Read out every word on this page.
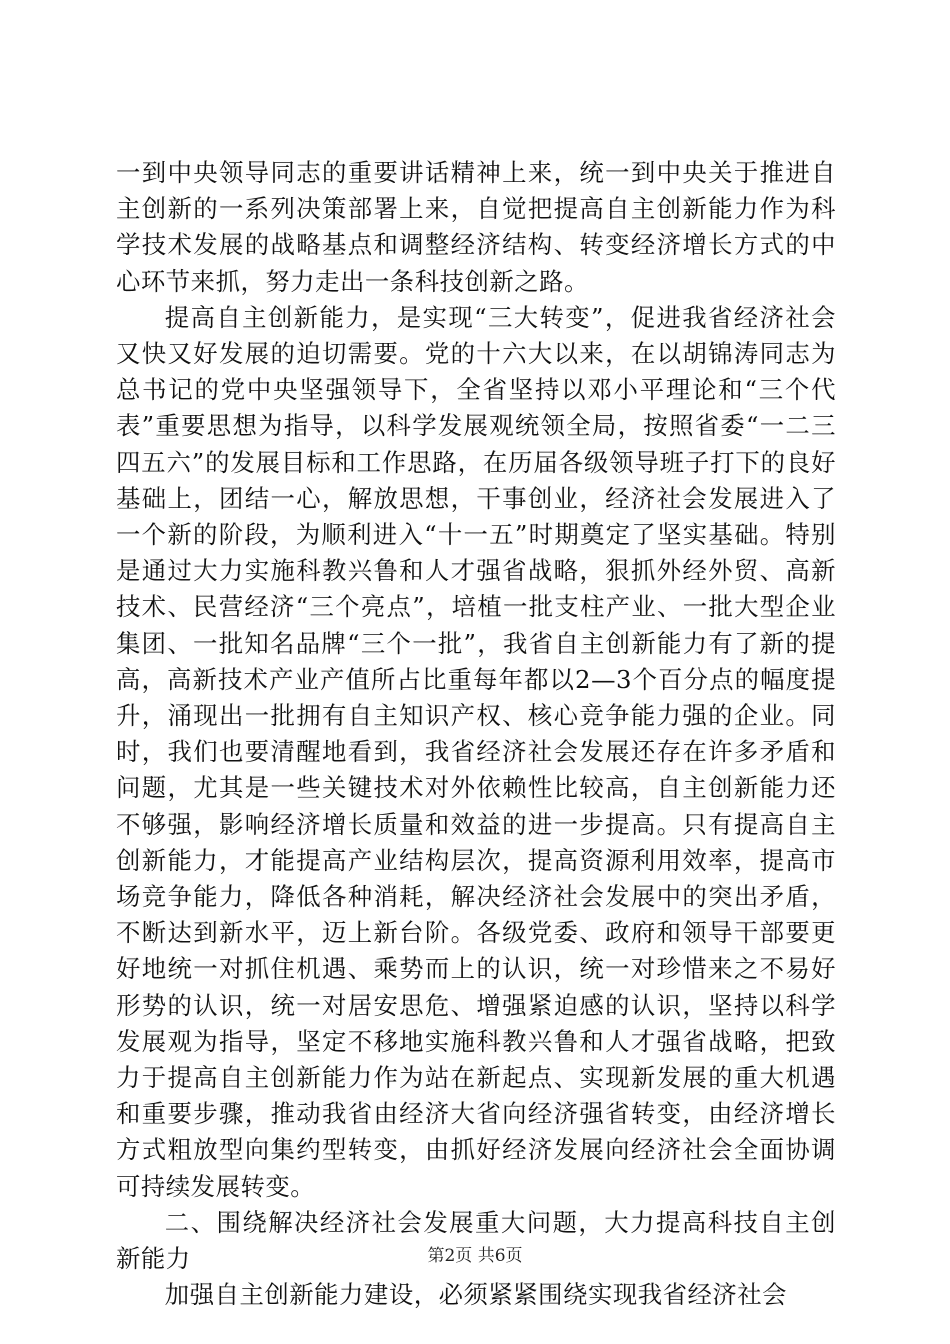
一到中央领导同志的重要讲话精神上来，统一到中央关于推进自主创新的一系列决策部署上来，自觉把提高自主创新能力作为科学技术发展的战略基点和调整经济结构、转变经济增长方式的中心环节来抓，努力走出一条科技创新之路。

提高自主创新能力，是实现“三大转变”，促进我省经济社会又快又好发展的迫切需要。党的十六大以来，在以胡锦涛同志为总书记的党中央坚强领导下，全省坚持以邓小平理论和“三个代表”重要思想为指导，以科学发展观统领全局，按照省委“一二三四五六”的发展目标和工作思路，在历届各级领导班子打下的良好基础上，团结一心，解放思想，干事创业，经济社会发展进入了一个新的阶段，为顺利进入“十一五”时期奠定了坚实基础。特别是通过大力实施科教兴鲁和人才强省战略，狠抓外经外贸、高新技术、民营经济“三个亮点”，培植一批支柱产业、一批大型企业集团、一批知名品牌“三个一批”，我省自主创新能力有了新的提高，高新技术产业产值所占比重每年都以2—3个百分点的幅度提升，涌现出一批拥有自主知识产权、核心竞争能力强的企业。同时，我们也要清醒地看到，我省经济社会发展还存在许多矛盾和问题，尤其是一些关键技术对外依赖性比较高，自主创新能力还不够强，影响经济增长质量和效益的进一步提高。只有提高自主创新能力，才能提高产业结构层次，提高资源利用效率，提高市场竞争能力，降低各种消耗，解决经济社会发展中的突出矛盾，不断达到新水平，迈上新台阶。各级党委、政府和领导干部要更好地统一对抓住机遇、乘势而上的认识，统一对珍惜来之不易好形势的认识，统一对居安思危、增强紧迫感的认识，坚持以科学发展观为指导，坚定不移地实施科教兴鲁和人才强省战略，把致力于提高自主创新能力作为站在新起点、实现新发展的重大机遇和重要步骤，推动我省由经济大省向经济强省转变，由经济增长方式粗放型向集约型转变，由抓好经济发展向经济社会全面协调可持续发展转变。

二、围绕解决经济社会发展重大问题，大力提高科技自主创新能力

加强自主创新能力建设，必须紧紧围绕实现我省经济社会

第2页 共6页
